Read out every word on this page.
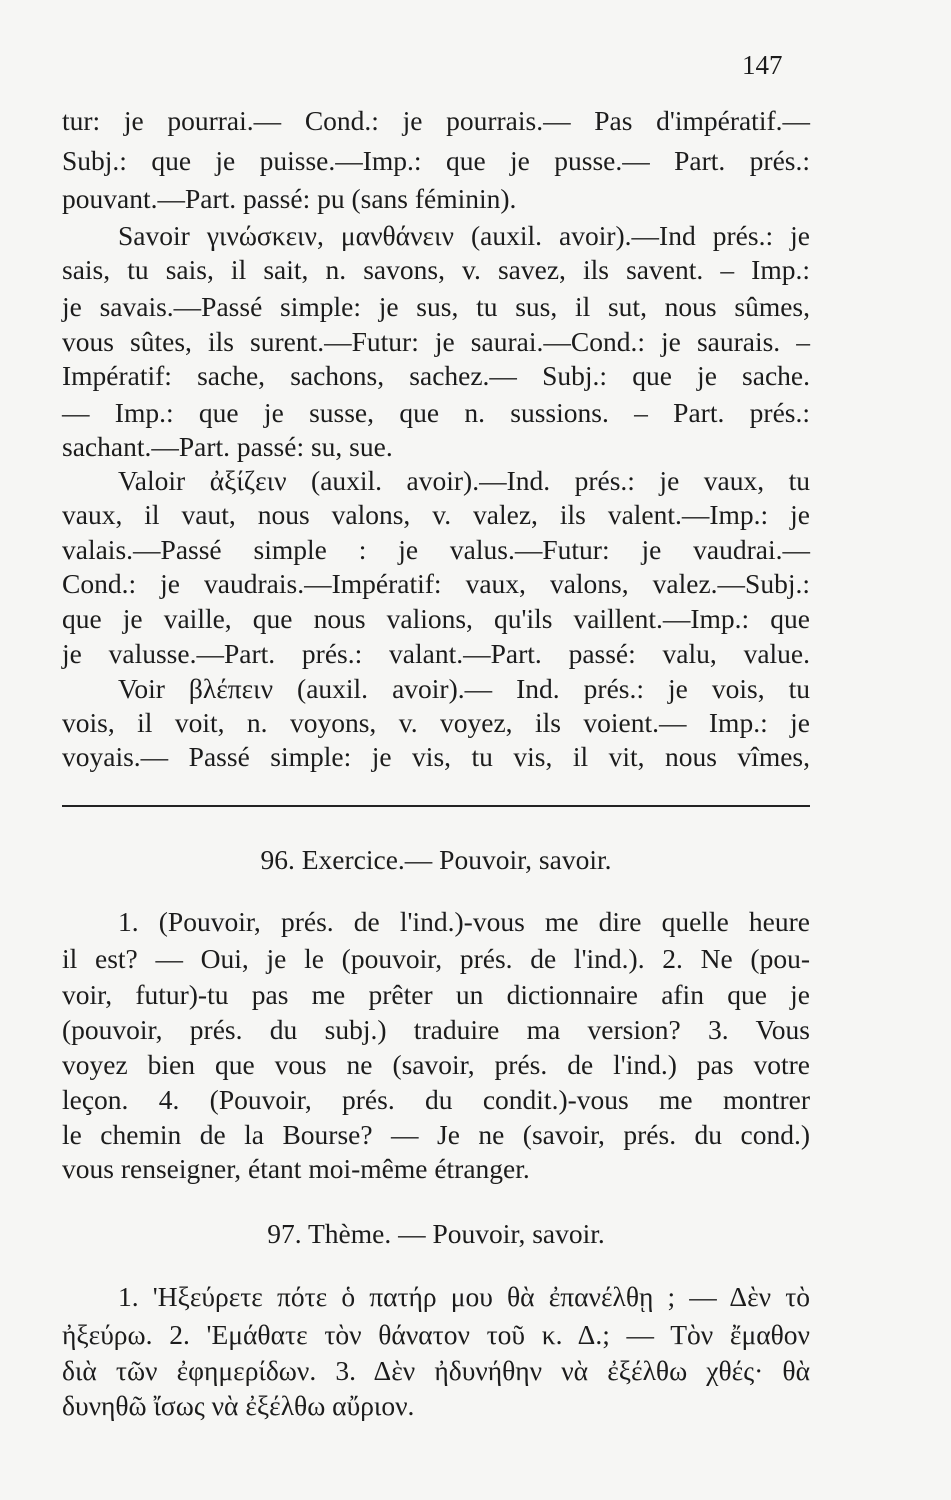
147
tur: je pourrai.— Cond.: je pourrais.— Pas d'impératif.—
Subj.: que je puisse.—Imp.: que je pusse.— Part. prés.:
pouvant.—Part. passé: pu (sans féminin).
Savoir γινώσκειν, μανθάνειν (auxil. avoir).—Ind prés.: je
sais, tu sais, il sait, n. savons, v. savez, ils savent. – Imp.:
je savais.—Passé simple: je sus, tu sus, il sut, nous sûmes,
vous sûtes, ils surent.—Futur: je saurai.—Cond.: je saurais. –
Impératif: sache, sachons, sachez.— Subj.: que je sache.
— Imp.: que je susse, que n. sussions. – Part. prés.:
sachant.—Part. passé: su, sue.
Valoir ἀξίζειν (auxil. avoir).—Ind. prés.: je vaux, tu
vaux, il vaut, nous valons, v. valez, ils valent.—Imp.: je
valais.—Passé simple : je valus.—Futur: je vaudrai.—
Cond.: je vaudrais.—Impératif: vaux, valons, valez.—Subj.:
que je vaille, que nous valions, qu'ils vaillent.—Imp.: que
je valusse.—Part. prés.: valant.—Part. passé: valu, value.
Voir βλέπειν (auxil. avoir).— Ind. prés.: je vois, tu
vois, il voit, n. voyons, v. voyez, ils voient.— Imp.: je
voyais.— Passé simple: je vis, tu vis, il vit, nous vîmes,
96. Exercice.— Pouvoir, savoir.
1. (Pouvoir, prés. de l'ind.)-vous me dire quelle heure
il est? — Oui, je le (pouvoir, prés. de l'ind.). 2. Ne (pou-
voir, futur)-tu pas me prêter un dictionnaire afin que je
(pouvoir, prés. du subj.) traduire ma version? 3. Vous
voyez bien que vous ne (savoir, prés. de l'ind.) pas votre
leçon. 4. (Pouvoir, prés. du condit.)-vous me montrer
le chemin de la Bourse? — Je ne (savoir, prés. du cond.)
vous renseigner, étant moi-même étranger.
97. Thème. — Pouvoir, savoir.
1. 'Ηξεύρετε πότε ὁ πατήρ μου θὰ ἐπανέλθῃ ; — Δὲν τὸ
ἠξεύρω. 2. 'Εμάθατε τὸν θάνατον τοῦ κ. Δ.; — Τὸν ἔμαθον
διὰ τῶν ἐφημερίδων. 3. Δὲν ἠδυνήθην νὰ ἐξέλθω χθές· θὰ
δυνηθῶ ἴσως νὰ ἐξέλθω αὔριον.
